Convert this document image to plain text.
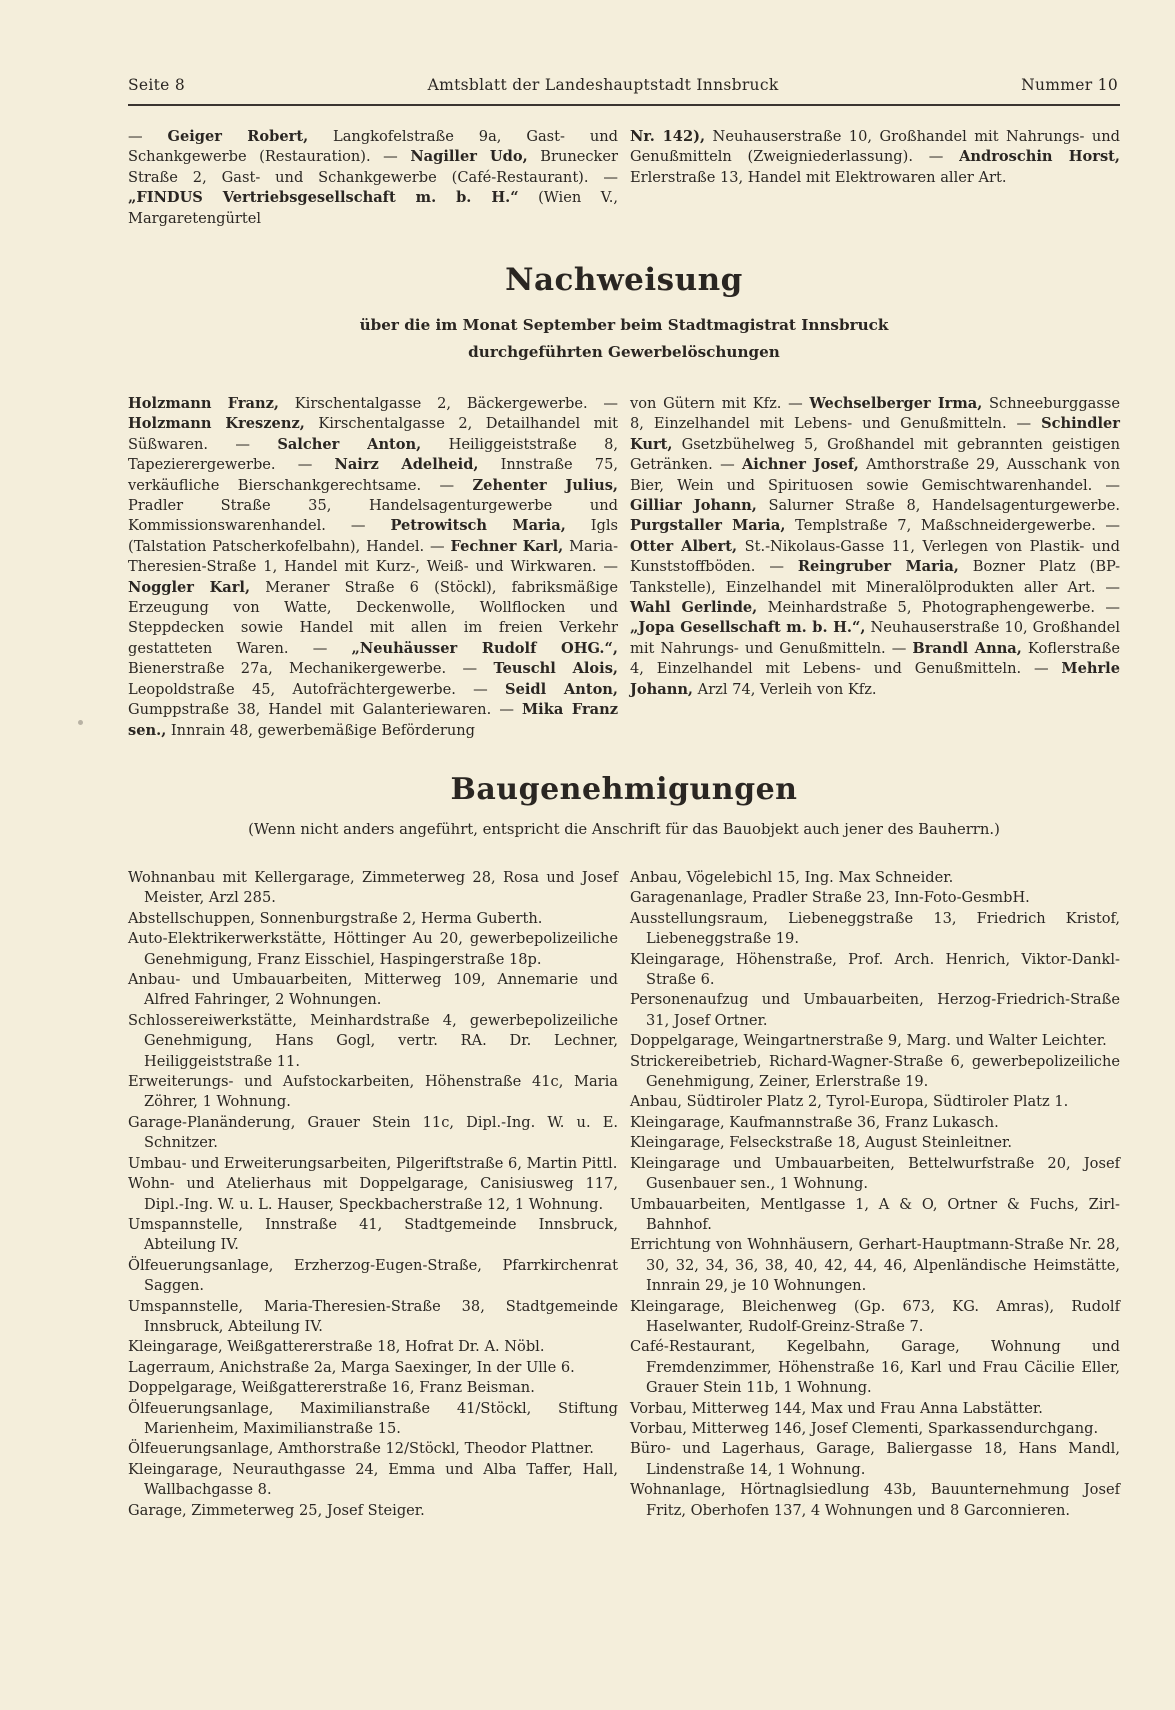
Seite 8	Amtsblatt der Landeshauptstadt Innsbruck	Nummer 10

— Geiger Robert, Langkofelstraße 9a, Gast- und Schankgewerbe (Restauration). — Nagiller Udo, Brunecker Straße 2, Gast- und Schankgewerbe (Café-Restaurant). — „FINDUS Vertriebsgesellschaft m. b. H.“ (Wien V., Margaretengürtel

Nr. 142), Neuhauserstraße 10, Großhandel mit Nahrungs- und Genußmitteln (Zweigniederlassung). — Androschin Horst, Erlerstraße 13, Handel mit Elektrowaren aller Art.

Nachweisung
über die im Monat September beim Stadtmagistrat Innsbruck
durchgeführten Gewerbelöschungen

Holzmann Franz, Kirschentalgasse 2, Bäckergewerbe. — Holzmann Kreszenz, Kirschentalgasse 2, Detailhandel mit Süßwaren. — Salcher Anton, Heiliggeiststraße 8, Tapezierergewerbe. — Nairz Adelheid, Innstraße 75, verkäufliche Bierschankgerechtsame. — Zehenter Julius, Pradler Straße 35, Handelsagenturgewerbe und Kommissionswarenhandel. — Petrowitsch Maria, Igls (Talstation Patscherkofelbahn), Handel. — Fechner Karl, Maria-Theresien-Straße 1, Handel mit Kurz-, Weiß- und Wirkwaren. — Noggler Karl, Meraner Straße 6 (Stöckl), fabriksmäßige Erzeugung von Watte, Deckenwolle, Wollflocken und Steppdecken sowie Handel mit allen im freien Verkehr gestatteten Waren. — „Neuhäusser Rudolf OHG.“, Bienerstraße 27a, Mechanikergewerbe. — Teuschl Alois, Leopoldstraße 45, Autofrächtergewerbe. — Seidl Anton, Gumppstraße 38, Handel mit Galanteriewaren. — Mika Franz sen., Innrain 48, gewerbemäßige Beförderung

von Gütern mit Kfz. — Wechselberger Irma, Schneeburggasse 8, Einzelhandel mit Lebens- und Genußmitteln. — Schindler Kurt, Gsetzbühelweg 5, Großhandel mit gebrannten geistigen Getränken. — Aichner Josef, Amthorstraße 29, Ausschank von Bier, Wein und Spirituosen sowie Gemischtwarenhandel. — Gilliar Johann, Salurner Straße 8, Handelsagenturgewerbe. Purgstaller Maria, Templstraße 7, Maßschneidergewerbe. — Otter Albert, St.-Nikolaus-Gasse 11, Verlegen von Plastik- und Kunststoffböden. — Reingruber Maria, Bozner Platz (BP-Tankstelle), Einzelhandel mit Mineralölprodukten aller Art. — Wahl Gerlinde, Meinhardstraße 5, Photographengewerbe. — „Jopa Gesellschaft m. b. H.“, Neuhauserstraße 10, Großhandel mit Nahrungs- und Genußmitteln. — Brandl Anna, Koflerstraße 4, Einzelhandel mit Lebens- und Genußmitteln. — Mehrle Johann, Arzl 74, Verleih von Kfz.

Baugenehmigungen
(Wenn nicht anders angeführt, entspricht die Anschrift für das Bauobjekt auch jener des Bauherrn.)

Wohnanbau mit Kellergarage, Zimmeterweg 28, Rosa und Josef Meister, Arzl 285.

Abstellschuppen, Sonnenburgstraße 2, Herma Guberth.

Auto-Elektrikerwerkstätte, Höttinger Au 20, gewerbepolizeiliche Genehmigung, Franz Eisschiel, Haspingerstraße 18p.

Anbau- und Umbauarbeiten, Mitterweg 109, Annemarie und Alfred Fahringer, 2 Wohnungen.

Schlossereiwerkstätte, Meinhardstraße 4, gewerbepolizeiliche Genehmigung, Hans Gogl, vertr. RA. Dr. Lechner, Heiliggeiststraße 11.

Erweiterungs- und Aufstockarbeiten, Höhenstraße 41c, Maria Zöhrer, 1 Wohnung.

Garage-Planänderung, Grauer Stein 11c, Dipl.-Ing. W. u. E. Schnitzer.

Umbau- und Erweiterungsarbeiten, Pilgeriftstraße 6, Martin Pittl.

Wohn- und Atelierhaus mit Doppelgarage, Canisiusweg 117, Dipl.-Ing. W. u. L. Hauser, Speckbacherstraße 12, 1 Wohnung.

Umspannstelle, Innstraße 41, Stadtgemeinde Innsbruck, Abteilung IV.

Ölfeuerungsanlage, Erzherzog-Eugen-Straße, Pfarrkirchenrat Saggen.

Umspannstelle, Maria-Theresien-Straße 38, Stadtgemeinde Innsbruck, Abteilung IV.

Kleingarage, Weißgattererstraße 18, Hofrat Dr. A. Nöbl.

Lagerraum, Anichstraße 2a, Marga Saexinger, In der Ulle 6.

Doppelgarage, Weißgattererstraße 16, Franz Beisman.

Ölfeuerungsanlage, Maximilianstraße 41/Stöckl, Stiftung Marienheim, Maximilianstraße 15.

Ölfeuerungsanlage, Amthorstraße 12/Stöckl, Theodor Plattner.

Kleingarage, Neurauthgasse 24, Emma und Alba Taffer, Hall, Wallbachgasse 8.

Garage, Zimmeterweg 25, Josef Steiger.

Anbau, Vögelebichl 15, Ing. Max Schneider.

Garagenanlage, Pradler Straße 23, Inn-Foto-GesmbH.

Ausstellungsraum, Liebeneggstraße 13, Friedrich Kristof, Liebeneggstraße 19.

Kleingarage, Höhenstraße, Prof. Arch. Henrich, Viktor-Dankl-Straße 6.

Personenaufzug und Umbauarbeiten, Herzog-Friedrich-Straße 31, Josef Ortner.

Doppelgarage, Weingartnerstraße 9, Marg. und Walter Leichter.

Strickereibetrieb, Richard-Wagner-Straße 6, gewerbepolizeiliche Genehmigung, Zeiner, Erlerstraße 19.

Anbau, Südtiroler Platz 2, Tyrol-Europa, Südtiroler Platz 1.

Kleingarage, Kaufmannstraße 36, Franz Lukasch.

Kleingarage, Felseckstraße 18, August Steinleitner.

Kleingarage und Umbauarbeiten, Bettelwurfstraße 20, Josef Gusenbauer sen., 1 Wohnung.

Umbauarbeiten, Mentlgasse 1, A & O, Ortner & Fuchs, Zirl-Bahnhof.

Errichtung von Wohnhäusern, Gerhart-Hauptmann-Straße Nr. 28, 30, 32, 34, 36, 38, 40, 42, 44, 46, Alpenländische Heimstätte, Innrain 29, je 10 Wohnungen.

Kleingarage, Bleichenweg (Gp. 673, KG. Amras), Rudolf Haselwanter, Rudolf-Greinz-Straße 7.

Café-Restaurant, Kegelbahn, Garage, Wohnung und Fremdenzimmer, Höhenstraße 16, Karl und Frau Cäcilie Eller, Grauer Stein 11b, 1 Wohnung.

Vorbau, Mitterweg 144, Max und Frau Anna Labstätter.

Vorbau, Mitterweg 146, Josef Clementi, Sparkassendurchgang.

Büro- und Lagerhaus, Garage, Baliergasse 18, Hans Mandl, Lindenstraße 14, 1 Wohnung.

Wohnanlage, Hörtnaglsiedlung 43b, Bauunternehmung Josef Fritz, Oberhofen 137, 4 Wohnungen und 8 Garconnieren.
